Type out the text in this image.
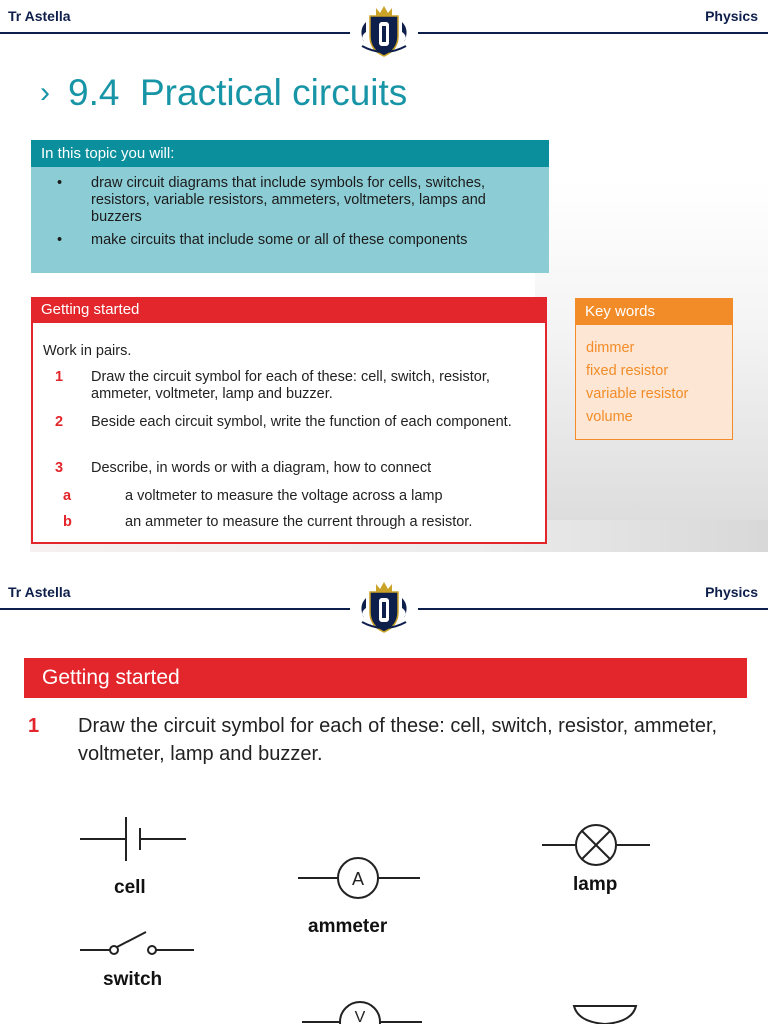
Tr Astella	Physics
› 9.4 Practical circuits
In this topic you will:
• draw circuit diagrams that include symbols for cells, switches, resistors, variable resistors, ammeters, voltmeters, lamps and buzzers
• make circuits that include some or all of these components
Getting started
Work in pairs.
1 Draw the circuit symbol for each of these: cell, switch, resistor, ammeter, voltmeter, lamp and buzzer.
2 Beside each circuit symbol, write the function of each component.
3 Describe, in words or with a diagram, how to connect
a	a voltmeter to measure the voltage across a lamp
b	an ammeter to measure the current through a resistor.
Key words
dimmer
fixed resistor
variable resistor
volume
Tr Astella	Physics
Getting started
1 Draw the circuit symbol for each of these: cell, switch, resistor, ammeter, voltmeter, lamp and buzzer.
cell
switch
A
ammeter
lamp
V
